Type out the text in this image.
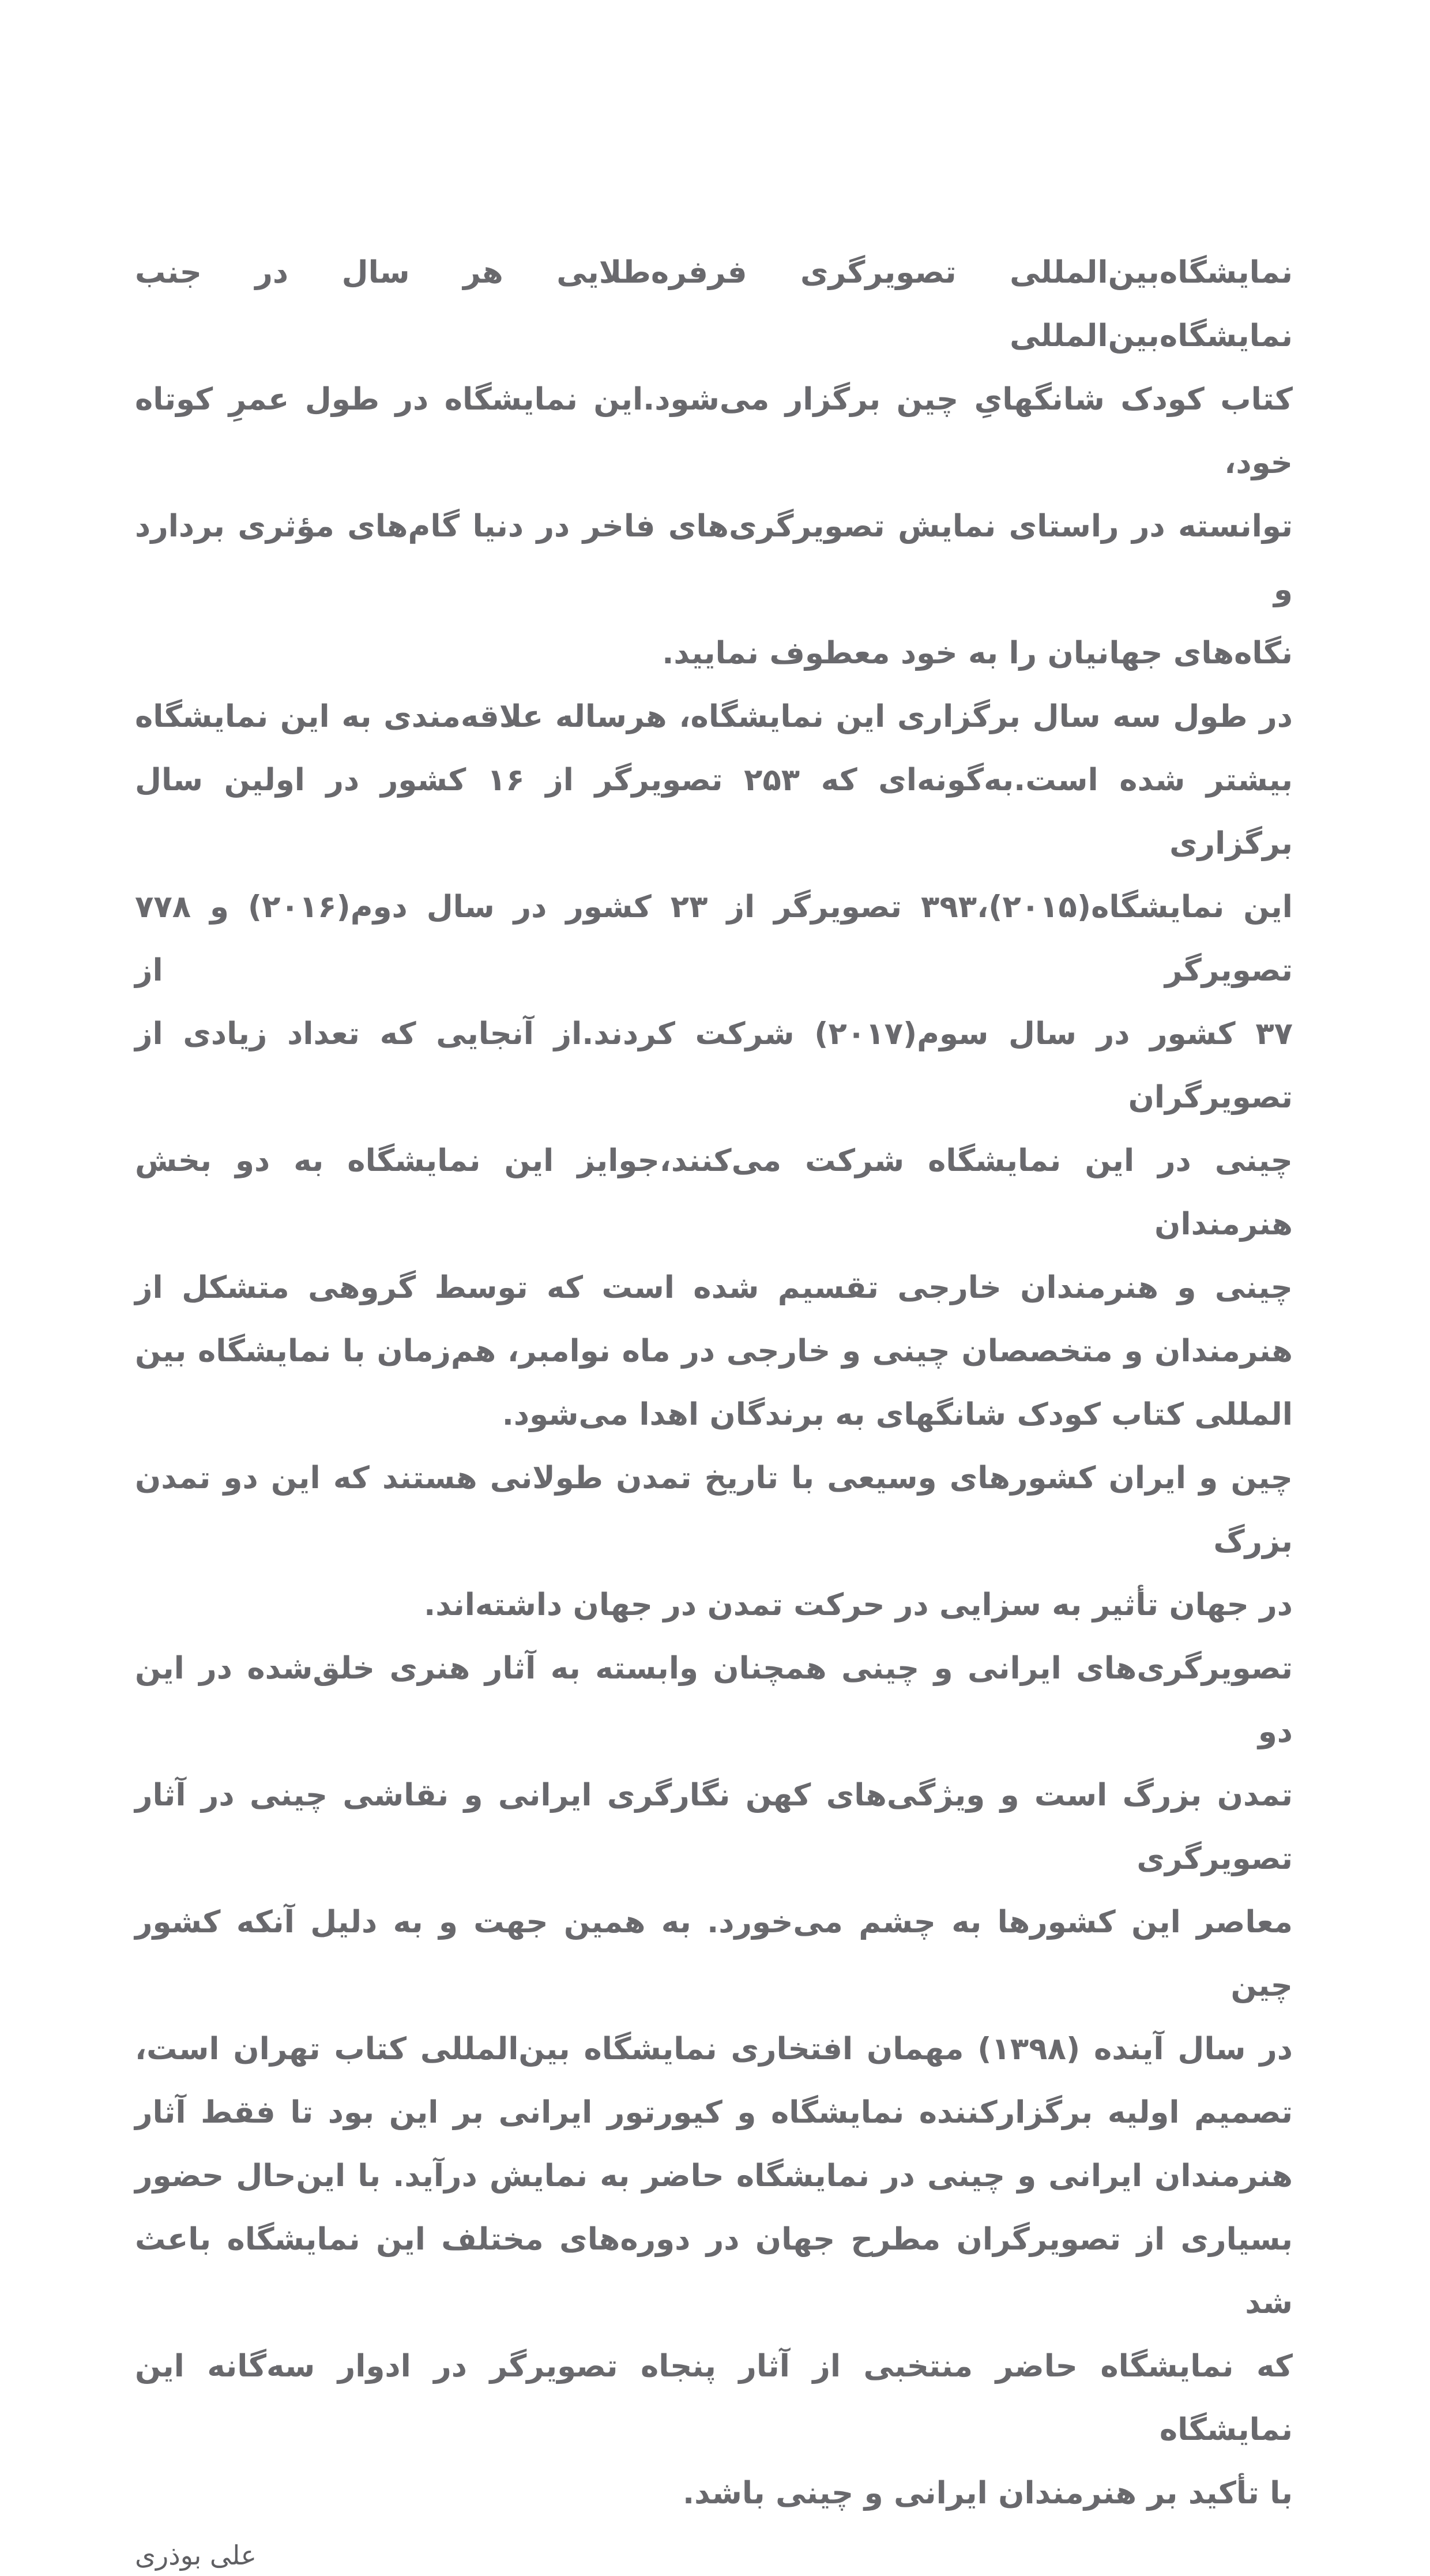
نمایشگاه‌بین‌المللی تصویرگری فرفره‌طلایی هر سال در جنب نمایشگاه‌بین‌المللی
کتاب کودک شانگهایِ چین برگزار می‌شود.این نمایشگاه در طول عمرِ کوتاه خود،
توانسته در راستای نمایش تصویرگری‌های فاخر در دنیا گام‌های مؤثری بردارد و
نگاه‌های جهانیان را به خود معطوف نمایید.
در طول سه سال برگزاری این نمایشگاه، هرساله علاقه‌مندی به این نمایشگاه
بیشتر شده است.به‌گونه‌ای که ۲۵۳ تصویرگر از ۱۶ کشور در اولین سال برگزاری
این نمایشگاه(۲۰۱۵)،۳۹۳ تصویرگر از ۲۳ کشور در سال دوم(۲۰۱۶) و ۷۷۸ تصویرگر از
۳۷ کشور در سال سوم(۲۰۱۷) شرکت کردند.از آنجایی که تعداد زیادی از تصویرگران
چینی در این نمایشگاه شرکت می‌کنند،جوایز این نمایشگاه به دو بخش هنرمندان
چینی و هنرمندان خارجی تقسیم شده است که توسط گروهی متشکل از
هنرمندان و متخصصان چینی و خارجی در ماه نوامبر، هم‌زمان با نمایشگاه بین
المللی کتاب کودک شانگهای به برندگان اهدا می‌شود.
چین و ایران کشورهای وسیعی با تاریخ تمدن طولانی هستند که این دو تمدن بزرگ
در جهان تأثیر به سزایی در حرکت تمدن در جهان داشته‌اند.
تصویرگری‌های ایرانی و چینی همچنان وابسته به آثار هنری خلق‌شده در این دو
تمدن بزرگ است و ویژگی‌های کهن نگارگری ایرانی و نقاشی چینی در آثار تصویرگری
معاصر این کشورها به چشم می‌خورد. به همین جهت و به دلیل آنکه کشور چین
در سال آینده (۱۳۹۸) مهمان افتخاری نمایشگاه بین‌المللی کتاب تهران است،
تصمیم اولیه برگزارکننده نمایشگاه و کیورتور ایرانی بر این بود تا فقط آثار
هنرمندان ایرانی و چینی در نمایشگاه حاضر به نمایش درآید. با این‌حال حضور
بسیاری از تصویرگران مطرح جهان در دوره‌های مختلف این نمایشگاه باعث شد
که نمایشگاه حاضر منتخبی از آثار پنجاه تصویرگر در ادوار سه‌گانه این نمایشگاه
با تأکید بر هنرمندان ایرانی و چینی باشد.
علی بوذری
